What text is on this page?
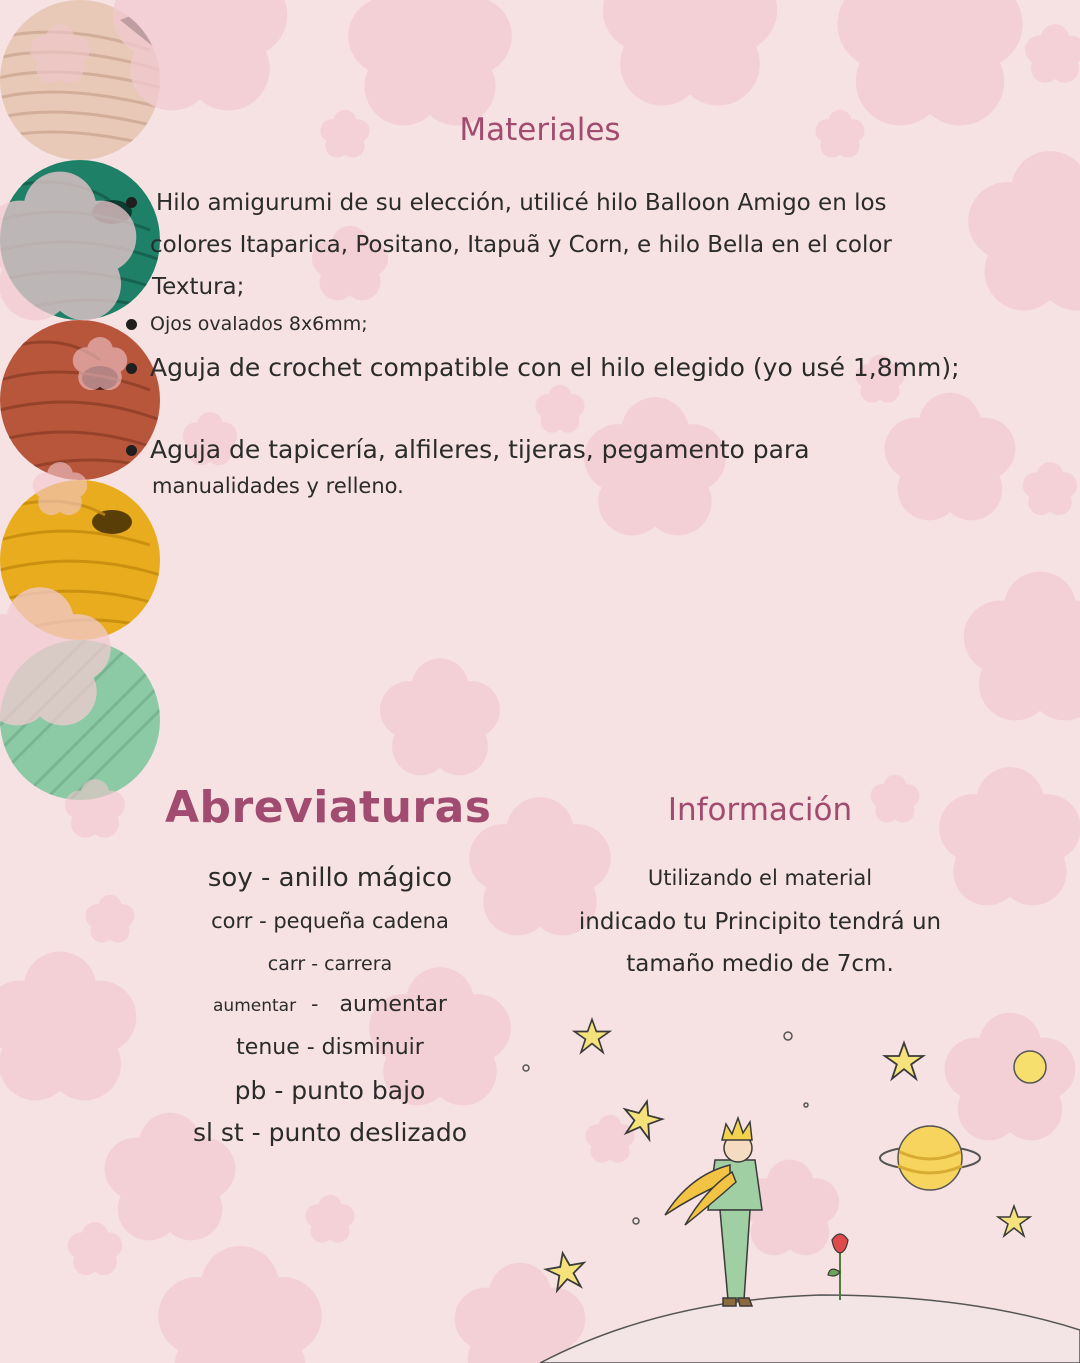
Materiales
Hilo amigurumi de su elección, utilicé hilo Balloon Amigo en los
colores Itaparica, Positano, Itapuã y Corn, e hilo Bella en el color
Textura;
Ojos ovalados 8x6mm;
Aguja de crochet compatible con el hilo elegido (yo usé 1,8mm);
Aguja de tapicería, alfileres, tijeras, pegamento para
manualidades y relleno.
Abreviaturas
soy - anillo mágico
corr - pequeña cadena
carr - carrera
aumentar - aumentar
tenue - disminuir
pb - punto bajo
sl st - punto deslizado
Información
Utilizando el material
indicado tu Principito tendrá un
tamaño medio de 7cm.
